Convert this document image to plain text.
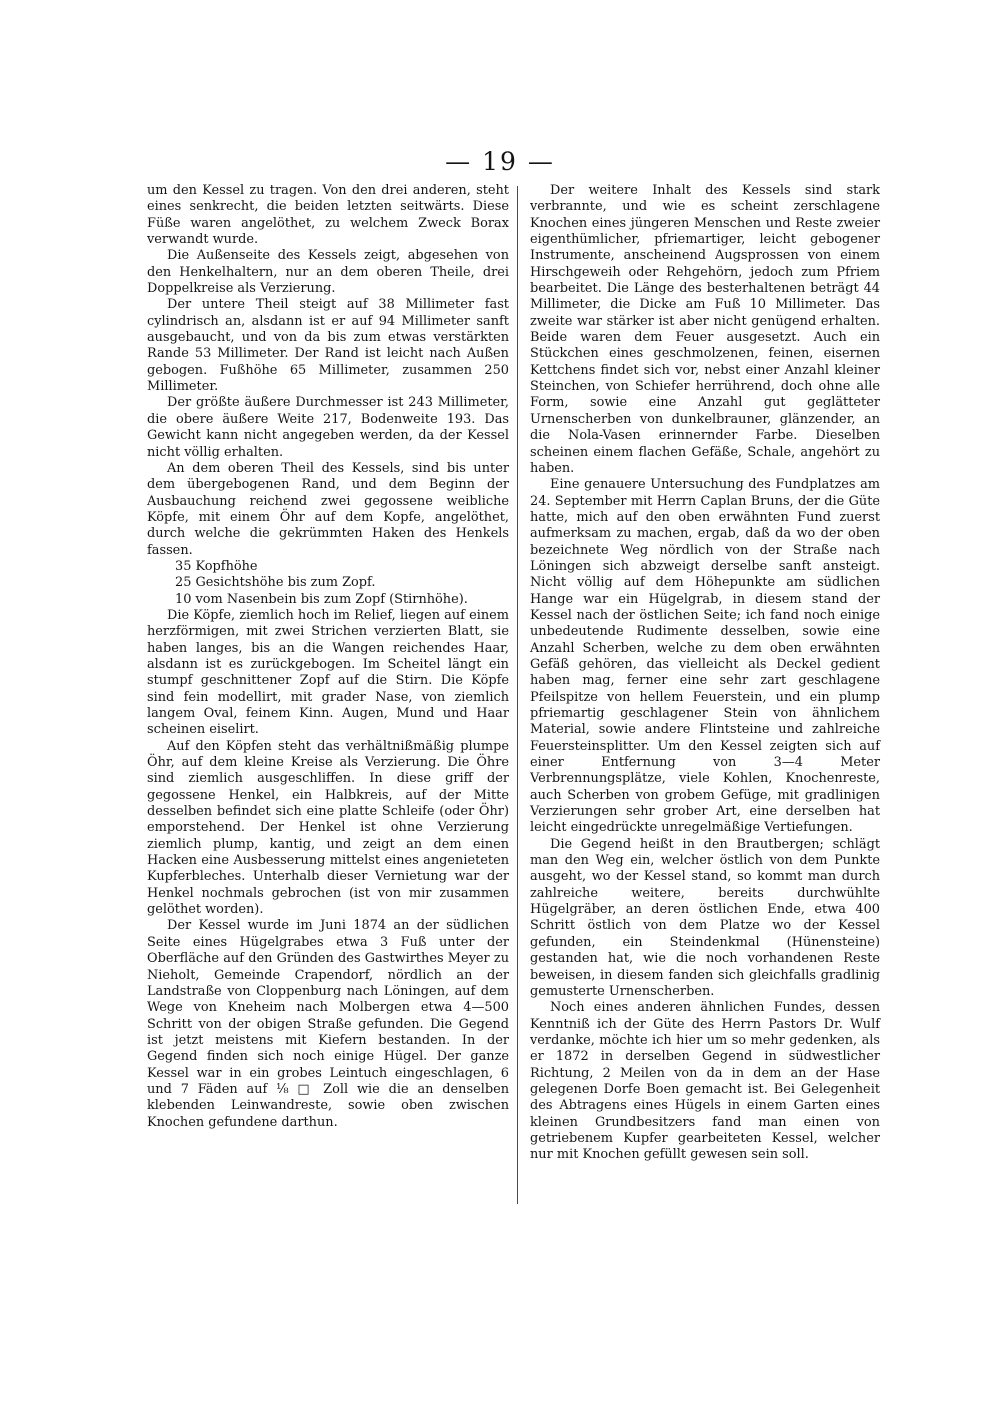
— 19 —

um den Kessel zu tragen. Von den drei anderen, steht eines senkrecht, die beiden letzten seitwärts. Diese Füße waren angelöthet, zu welchem Zweck Borax verwandt wurde.

Die Außenseite des Kessels zeigt, abgesehen von den Henkelhaltern, nur an dem oberen Theile, drei Doppelkreise als Verzierung.

Der untere Theil steigt auf 38 Millimeter fast cylindrisch an, alsdann ist er auf 94 Millimeter sanft ausgebaucht, und von da bis zum etwas verstärkten Rande 53 Millimeter. Der Rand ist leicht nach Außen gebogen. Fußhöhe 65 Millimeter, zusammen 250 Millimeter.

Der größte äußere Durchmesser ist 243 Millimeter, die obere äußere Weite 217, Bodenweite 193. Das Gewicht kann nicht angegeben werden, da der Kessel nicht völlig erhalten.

An dem oberen Theil des Kessels, sind bis unter dem übergebogenen Rand, und dem Beginn der Ausbauchung reichend zwei gegossene weibliche Köpfe, mit einem Öhr auf dem Kopfe, angelöthet, durch welche die gekrümmten Haken des Henkels fassen.

35 Kopfhöhe

25 Gesichtshöhe bis zum Zopf.

10 vom Nasenbein bis zum Zopf (Stirnhöhe).

Die Köpfe, ziemlich hoch im Relief, liegen auf einem herzförmigen, mit zwei Strichen verzierten Blatt, sie haben langes, bis an die Wangen reichendes Haar, alsdann ist es zurückgebogen. Im Scheitel längt ein stumpf geschnittener Zopf auf die Stirn. Die Köpfe sind fein modellirt, mit grader Nase, von ziemlich langem Oval, feinem Kinn. Augen, Mund und Haar scheinen eiselirt.

Auf den Köpfen steht das verhältnißmäßig plumpe Öhr, auf dem kleine Kreise als Verzierung. Die Öhre sind ziemlich ausgeschliffen. In diese griff der gegossene Henkel, ein Halbkreis, auf der Mitte desselben befindet sich eine platte Schleife (oder Öhr) emporstehend. Der Henkel ist ohne Verzierung ziemlich plump, kantig, und zeigt an dem einen Hacken eine Ausbesserung mittelst eines angenieteten Kupferbleches. Unterhalb dieser Vernietung war der Henkel nochmals gebrochen (ist von mir zusammen gelöthet worden).

Der Kessel wurde im Juni 1874 an der südlichen Seite eines Hügelgrabes etwa 3 Fuß unter der Oberfläche auf den Gründen des Gastwirthes Meyer zu Nieholt, Gemeinde Crapendorf, nördlich an der Landstraße von Cloppenburg nach Löningen, auf dem Wege von Kneheim nach Molbergen etwa 4—500 Schritt von der obigen Straße gefunden. Die Gegend ist jetzt meistens mit Kiefern bestanden. In der Gegend finden sich noch einige Hügel. Der ganze Kessel war in ein grobes Leintuch eingeschlagen, 6 und 7 Fäden auf ⅛ □ Zoll wie die an denselben klebenden Leinwandreste, sowie oben zwischen Knochen gefundene darthun.

Der weitere Inhalt des Kessels sind stark verbrannte, und wie es scheint zerschlagene Knochen eines jüngeren Menschen und Reste zweier eigenthümlicher, pfriemartiger, leicht gebogener Instrumente, anscheinend Augsprossen von einem Hirschgeweih oder Rehgehörn, jedoch zum Pfriem bearbeitet. Die Länge des besterhaltenen beträgt 44 Millimeter, die Dicke am Fuß 10 Millimeter. Das zweite war stärker ist aber nicht genügend erhalten. Beide waren dem Feuer ausgesetzt. Auch ein Stückchen eines geschmolzenen, feinen, eisernen Kettchens findet sich vor, nebst einer Anzahl kleiner Steinchen, von Schiefer herrührend, doch ohne alle Form, sowie eine Anzahl gut geglätteter Urnenscherben von dunkelbrauner, glänzender, an die Nola-Vasen erinnernder Farbe. Dieselben scheinen einem flachen Gefäße, Schale, angehört zu haben.

Eine genauere Untersuchung des Fundplatzes am 24. September mit Herrn Caplan Bruns, der die Güte hatte, mich auf den oben erwähnten Fund zuerst aufmerksam zu machen, ergab, daß da wo der oben bezeichnete Weg nördlich von der Straße nach Löningen sich abzweigt derselbe sanft ansteigt. Nicht völlig auf dem Höhepunkte am südlichen Hange war ein Hügelgrab, in diesem stand der Kessel nach der östlichen Seite; ich fand noch einige unbedeutende Rudimente desselben, sowie eine Anzahl Scherben, welche zu dem oben erwähnten Gefäß gehören, das vielleicht als Deckel gedient haben mag, ferner eine sehr zart geschlagene Pfeilspitze von hellem Feuerstein, und ein plump pfriemartig geschlagener Stein von ähnlichem Material, sowie andere Flintsteine und zahlreiche Feuersteinsplitter. Um den Kessel zeigten sich auf einer Entfernung von 3—4 Meter Verbrennungsplätze, viele Kohlen, Knochenreste, auch Scherben von grobem Gefüge, mit gradlinigen Verzierungen sehr grober Art, eine derselben hat leicht eingedrückte unregelmäßige Vertiefungen.

Die Gegend heißt in den Brautbergen; schlägt man den Weg ein, welcher östlich von dem Punkte ausgeht, wo der Kessel stand, so kommt man durch zahlreiche weitere, bereits durchwühlte Hügelgräber, an deren östlichen Ende, etwa 400 Schritt östlich von dem Platze wo der Kessel gefunden, ein Steindenkmal (Hünensteine) gestanden hat, wie die noch vorhandenen Reste beweisen, in diesem fanden sich gleichfalls gradlinig gemusterte Urnenscherben.

Noch eines anderen ähnlichen Fundes, dessen Kenntniß ich der Güte des Herrn Pastors Dr. Wulf verdanke, möchte ich hier um so mehr gedenken, als er 1872 in derselben Gegend in südwestlicher Richtung, 2 Meilen von da in dem an der Hase gelegenen Dorfe Boen gemacht ist. Bei Gelegenheit des Abtragens eines Hügels in einem Garten eines kleinen Grundbesitzers fand man einen von getriebenem Kupfer gearbeiteten Kessel, welcher nur mit Knochen gefüllt gewesen sein soll.
